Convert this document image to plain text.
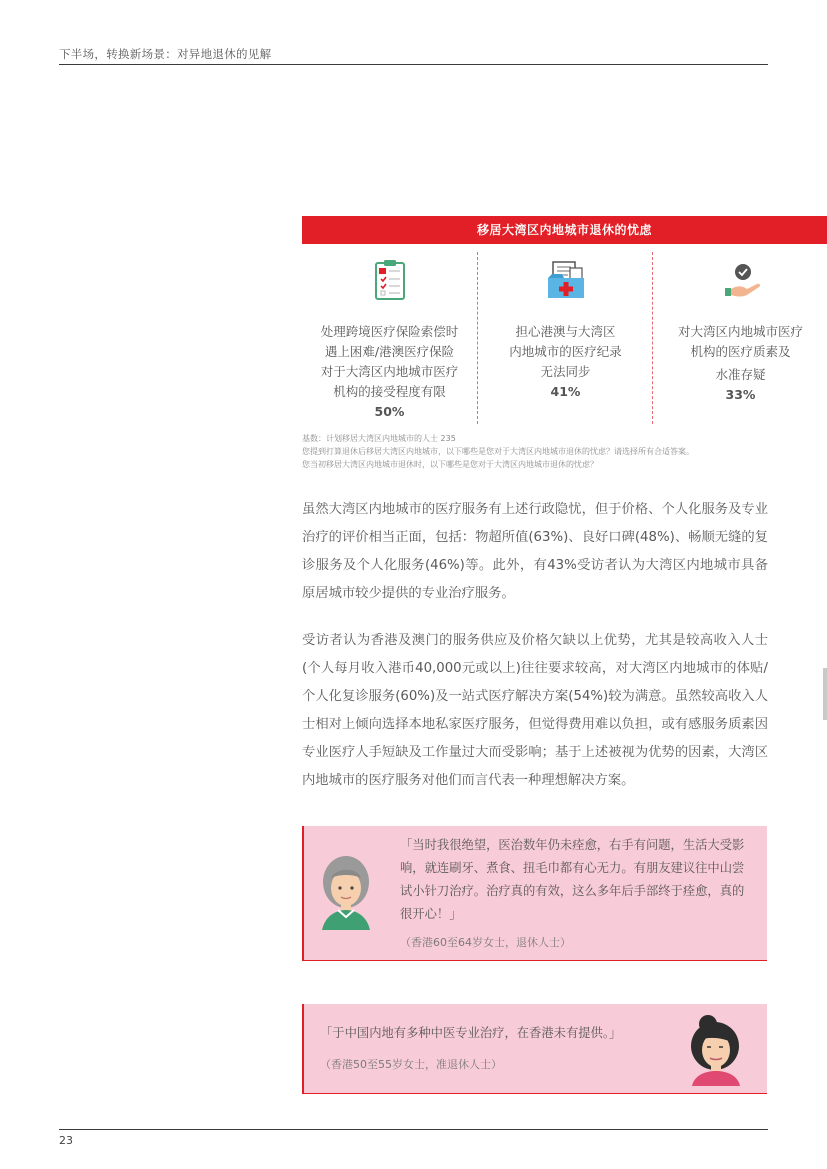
下半场，转换新场景：对异地退休的见解
移居大湾区内地城市退休的忧虑
处理跨境医疗保险索偿时
遇上困难/港澳医疗保险
对于大湾区内地城市医疗
机构的接受程度有限
50%
担心港澳与大湾区
内地城市的医疗纪录
无法同步
41%
对大湾区内地城市医疗
机构的医疗质素及
水准存疑
33%
基数：计划移居大湾区内地城市的人士 235
您提到打算退休后移居大湾区内地城市，以下哪些是您对于大湾区内地城市退休的忧虑？请选择所有合适答案。
您当初移居大湾区内地城市退休时，以下哪些是您对于大湾区内地城市退休的忧虑？
虽然大湾区内地城市的医疗服务有上述行政隐忧，但于价格、个人化服务及专业治疗的评价相当正面，包括：物超所值(63%)、良好口碑(48%)、畅顺无缝的复诊服务及个人化服务(46%)等。此外，有43%受访者认为大湾区内地城市具备原居城市较少提供的专业治疗服务。
受访者认为香港及澳门的服务供应及价格欠缺以上优势，尤其是较高收入人士(个人每月收入港币40,000元或以上)往往要求较高，对大湾区内地城市的体贴/个人化复诊服务(60%)及一站式医疗解决方案(54%)较为满意。虽然较高收入人士相对上倾向选择本地私家医疗服务，但觉得费用难以负担，或有感服务质素因专业医疗人手短缺及工作量过大而受影响；基于上述被视为优势的因素，大湾区内地城市的医疗服务对他们而言代表一种理想解决方案。
「当时我很绝望，医治数年仍未痊愈，右手有问题，生活大受影响，就连刷牙、煮食、扭毛巾都有心无力。有朋友建议往中山尝试小针刀治疗。治疗真的有效，这么多年后手部终于痊愈，真的很开心！」
（香港60至64岁女士，退休人士）
「于中国内地有多种中医专业治疗，在香港未有提供。」
（香港50至55岁女士，准退休人士）
23
